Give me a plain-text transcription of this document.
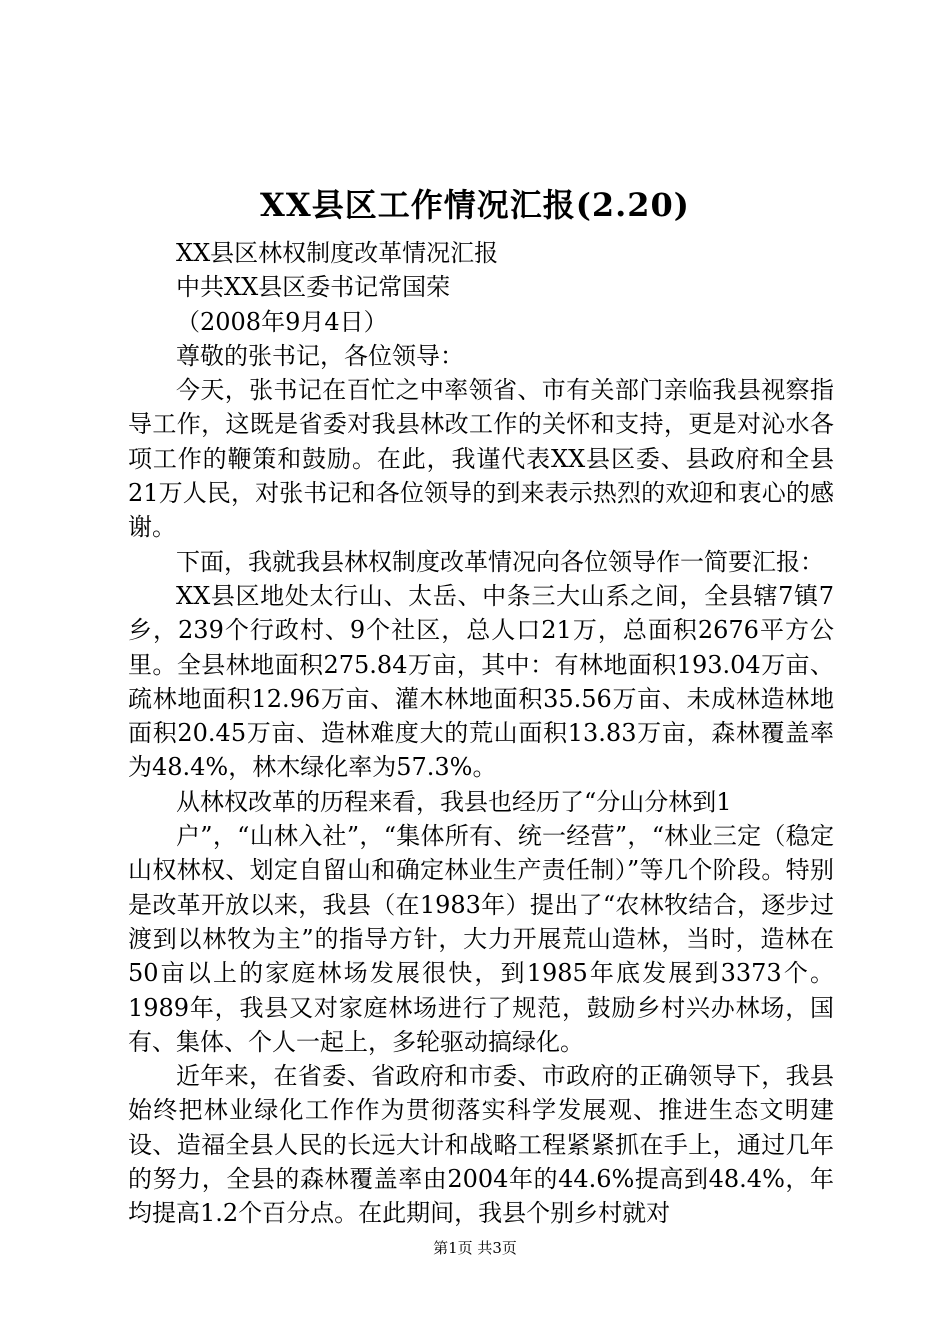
XX县区工作情况汇报(2.20)

XX县区林权制度改革情况汇报

中共XX县区委书记常国荣

（2008年9月4日）

尊敬的张书记，各位领导：

今天，张书记在百忙之中率领省、市有关部门亲临我县视察指导工作，这既是省委对我县林改工作的关怀和支持，更是对沁水各项工作的鞭策和鼓励。在此，我谨代表XX县区委、县政府和全县21万人民，对张书记和各位领导的到来表示热烈的欢迎和衷心的感谢。

下面，我就我县林权制度改革情况向各位领导作一简要汇报：

XX县区地处太行山、太岳、中条三大山系之间，全县辖7镇7乡，239个行政村、9个社区，总人口21万，总面积2676平方公里。全县林地面积275.84万亩，其中：有林地面积193.04万亩、疏林地面积12.96万亩、灌木林地面积35.56万亩、未成林造林地面积20.45万亩、造林难度大的荒山面积13.83万亩，森林覆盖率为48.4%，林木绿化率为57.3%。

从林权改革的历程来看，我县也经历了“分山分林到1

户”，“山林入社”，“集体所有、统一经营”，“林业三定（稳定山权林权、划定自留山和确定林业生产责任制）”等几个阶段。特别是改革开放以来，我县（在1983年）提出了“农林牧结合，逐步过渡到以林牧为主”的指导方针，大力开展荒山造林，当时，造林在50亩以上的家庭林场发展很快，到1985年底发展到3373个。1989年，我县又对家庭林场进行了规范，鼓励乡村兴办林场，国有、集体、个人一起上，多轮驱动搞绿化。

近年来，在省委、省政府和市委、市政府的正确领导下，我县始终把林业绿化工作作为贯彻落实科学发展观、推进生态文明建设、造福全县人民的长远大计和战略工程紧紧抓在手上，通过几年的努力，全县的森林覆盖率由2004年的44.6%提高到48.4%，年均提高1.2个百分点。在此期间，我县个别乡村就对

第1页 共3页
